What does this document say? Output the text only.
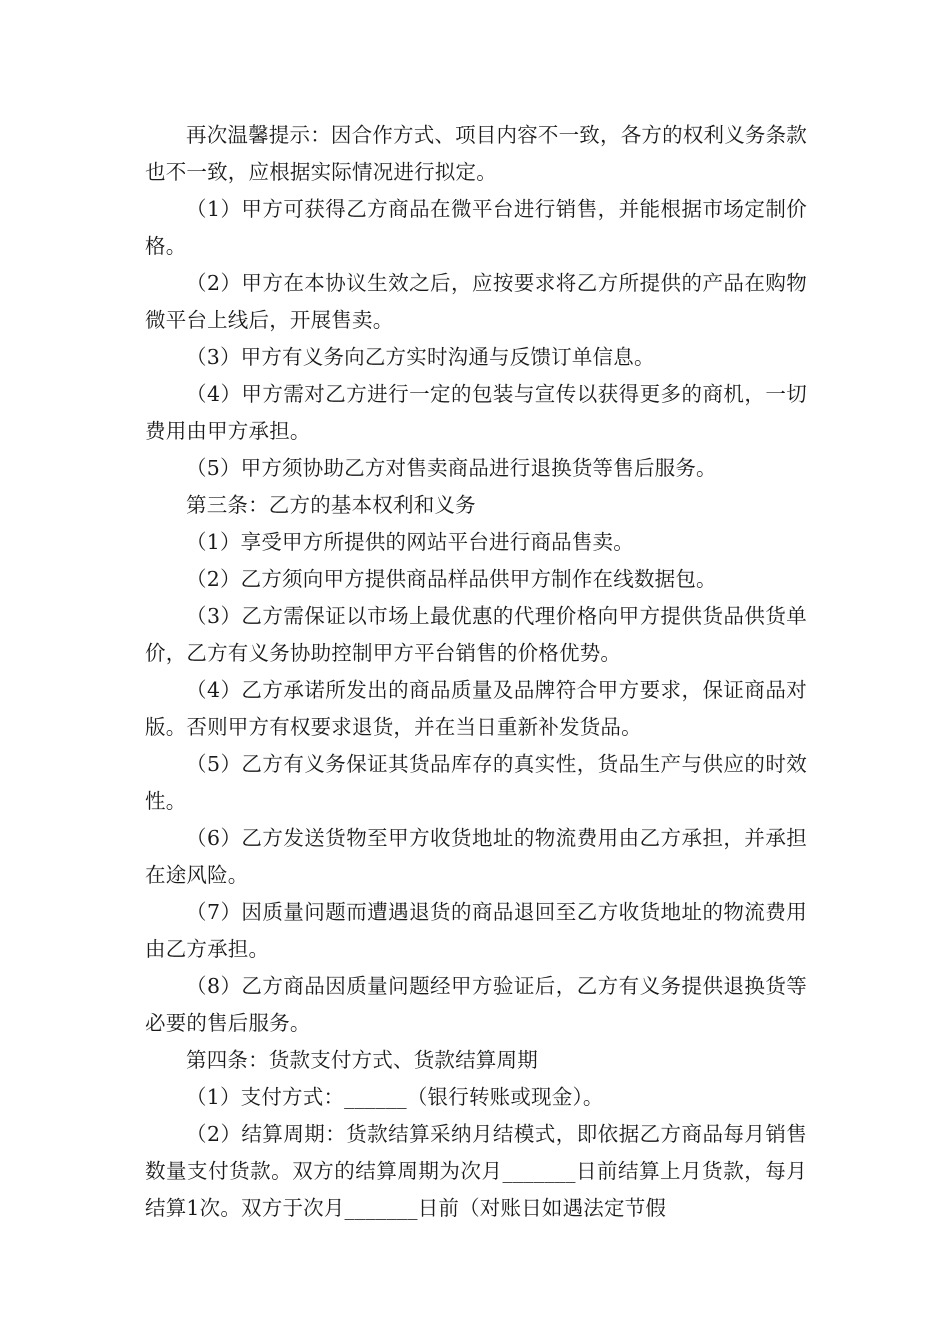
再次温馨提示：因合作方式、项目内容不一致，各方的权利义务条款也不一致，应根据实际情况进行拟定。

（1）甲方可获得乙方商品在微平台进行销售，并能根据市场定制价格。

（2）甲方在本协议生效之后，应按要求将乙方所提供的产品在购物微平台上线后，开展售卖。

（3）甲方有义务向乙方实时沟通与反馈订单信息。

（4）甲方需对乙方进行一定的包装与宣传以获得更多的商机，一切费用由甲方承担。

（5）甲方须协助乙方对售卖商品进行退换货等售后服务。

第三条：乙方的基本权利和义务

（1）享受甲方所提供的网站平台进行商品售卖。

（2）乙方须向甲方提供商品样品供甲方制作在线数据包。

（3）乙方需保证以市场上最优惠的代理价格向甲方提供货品供货单价，乙方有义务协助控制甲方平台销售的价格优势。

（4）乙方承诺所发出的商品质量及品牌符合甲方要求，保证商品对版。否则甲方有权要求退货，并在当日重新补发货品。

（5）乙方有义务保证其货品库存的真实性，货品生产与供应的时效性。

（6）乙方发送货物至甲方收货地址的物流费用由乙方承担，并承担在途风险。

（7）因质量问题而遭遇退货的商品退回至乙方收货地址的物流费用由乙方承担。

（8）乙方商品因质量问题经甲方验证后，乙方有义务提供退换货等必要的售后服务。

第四条：货款支付方式、货款结算周期

（1）支付方式：______（银行转账或现金）。

（2）结算周期：货款结算采纳月结模式，即依据乙方商品每月销售数量支付货款。双方的结算周期为次月_______日前结算上月货款，每月结算1次。双方于次月_______日前（对账日如遇法定节假
